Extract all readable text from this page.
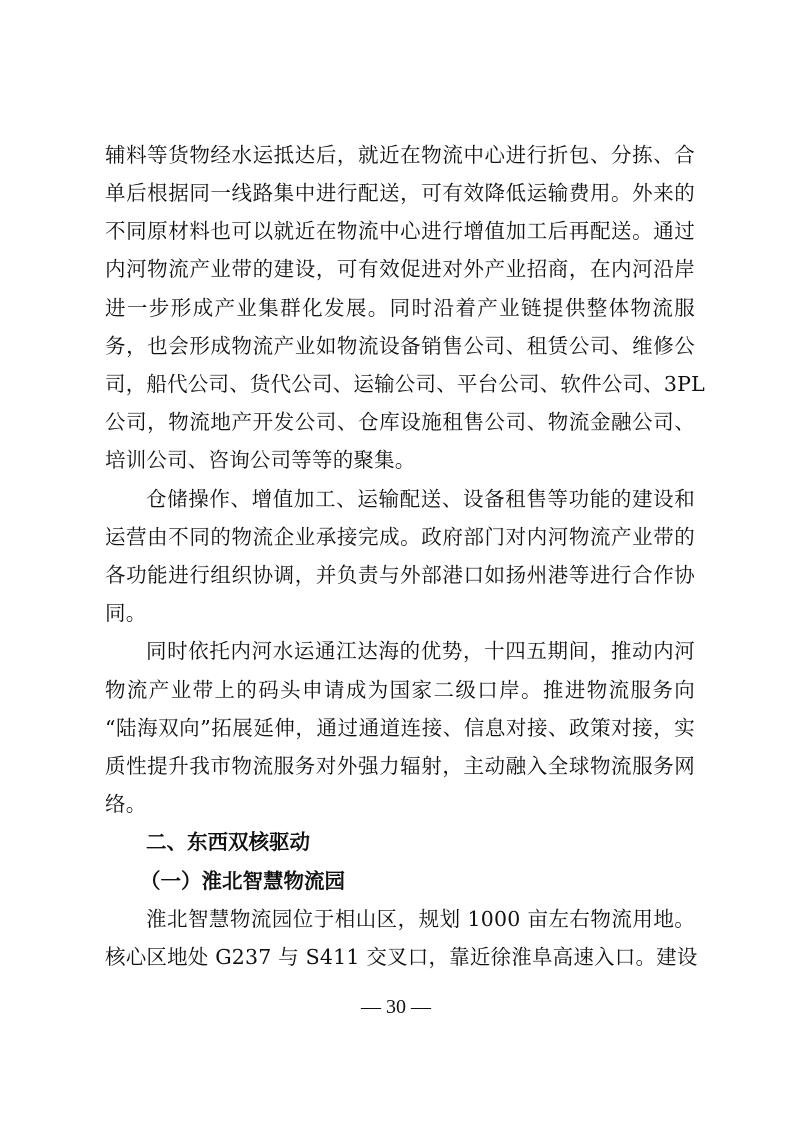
辅料等货物经水运抵达后，就近在物流中心进行折包、分拣、合
单后根据同一线路集中进行配送，可有效降低运输费用。外来的
不同原材料也可以就近在物流中心进行增值加工后再配送。通过
内河物流产业带的建设，可有效促进对外产业招商，在内河沿岸
进一步形成产业集群化发展。同时沿着产业链提供整体物流服
务，也会形成物流产业如物流设备销售公司、租赁公司、维修公
司，船代公司、货代公司、运输公司、平台公司、软件公司、3PL
公司，物流地产开发公司、仓库设施租售公司、物流金融公司、
培训公司、咨询公司等等的聚集。
仓储操作、增值加工、运输配送、设备租售等功能的建设和
运营由不同的物流企业承接完成。政府部门对内河物流产业带的
各功能进行组织协调，并负责与外部港口如扬州港等进行合作协
同。
同时依托内河水运通江达海的优势，十四五期间，推动内河
物流产业带上的码头申请成为国家二级口岸。推进物流服务向
“陆海双向”拓展延伸，通过通道连接、信息对接、政策对接，实
质性提升我市物流服务对外强力辐射，主动融入全球物流服务网
络。
二、东西双核驱动
（一）淮北智慧物流园
淮北智慧物流园位于相山区，规划 1000 亩左右物流用地。
核心区地处 G237 与 S411 交叉口，靠近徐淮阜高速入口。建设
— 30 —
